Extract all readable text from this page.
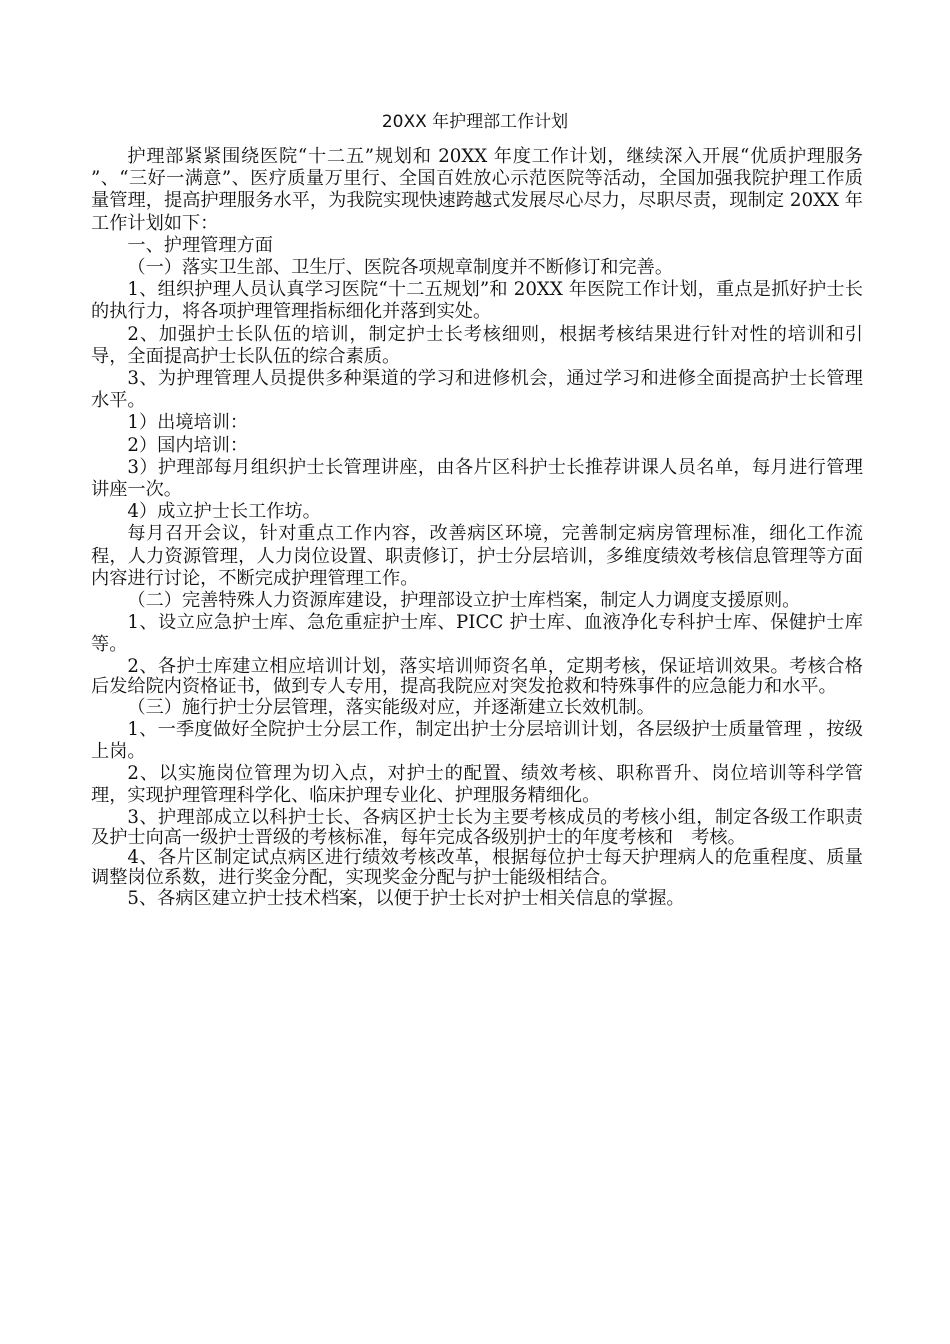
20XX 年护理部工作计划

护理部紧紧围绕医院“十二五”规划和 20XX 年度工作计划，继续深入开展“优质护理服务 ”、“三好一满意”、医疗质量万里行、全国百姓放心示范医院等活动，全国加强我院护理工作质量管理，提高护理服务水平，为我院实现快速跨越式发展尽心尽力，尽职尽责，现制定 20XX 年工作计划如下：

一、护理管理方面

（一）落实卫生部、卫生厅、医院各项规章制度并不断修订和完善。

1、组织护理人员认真学习医院“十二五规划”和 20XX 年医院工作计划，重点是抓好护士长的执行力，将各项护理管理指标细化并落到实处。

2、加强护士长队伍的培训，制定护士长考核细则，根据考核结果进行针对性的培训和引导，全面提高护士长队伍的综合素质。

3、为护理管理人员提供多种渠道的学习和进修机会，通过学习和进修全面提高护士长管理水平。

1）出境培训：

2）国内培训：

3）护理部每月组织护士长管理讲座，由各片区科护士长推荐讲课人员名单，每月进行管理讲座一次。

4）成立护士长工作坊。

每月召开会议，针对重点工作内容，改善病区环境，完善制定病房管理标准，细化工作流程，人力资源管理，人力岗位设置、职责修订，护士分层培训，多维度绩效考核信息管理等方面内容进行讨论，不断完成护理管理工作。

（二）完善特殊人力资源库建设，护理部设立护士库档案，制定人力调度支援原则。

1、设立应急护士库、急危重症护士库、PICC 护士库、血液净化专科护士库、保健护士库等。

2、各护士库建立相应培训计划，落实培训师资名单，定期考核，保证培训效果。考核合格后发给院内资格证书，做到专人专用，提高我院应对突发抢救和特殊事件的应急能力和水平。

（三）施行护士分层管理，落实能级对应，并逐渐建立长效机制。

1、一季度做好全院护士分层工作，制定出护士分层培训计划，各层级护士质量管理 ，按级上岗。

2、以实施岗位管理为切入点，对护士的配置、绩效考核、职称晋升、岗位培训等科学管理，实现护理管理科学化、临床护理专业化、护理服务精细化。

3、护理部成立以科护士长、各病区护士长为主要考核成员的考核小组，制定各级工作职责及护士向高一级护士晋级的考核标准，每年完成各级别护士的年度考核和　考核。

4、各片区制定试点病区进行绩效考核改革，根据每位护士每天护理病人的危重程度、质量调整岗位系数，进行奖金分配，实现奖金分配与护士能级相结合。

5、各病区建立护士技术档案，以便于护士长对护士相关信息的掌握。
